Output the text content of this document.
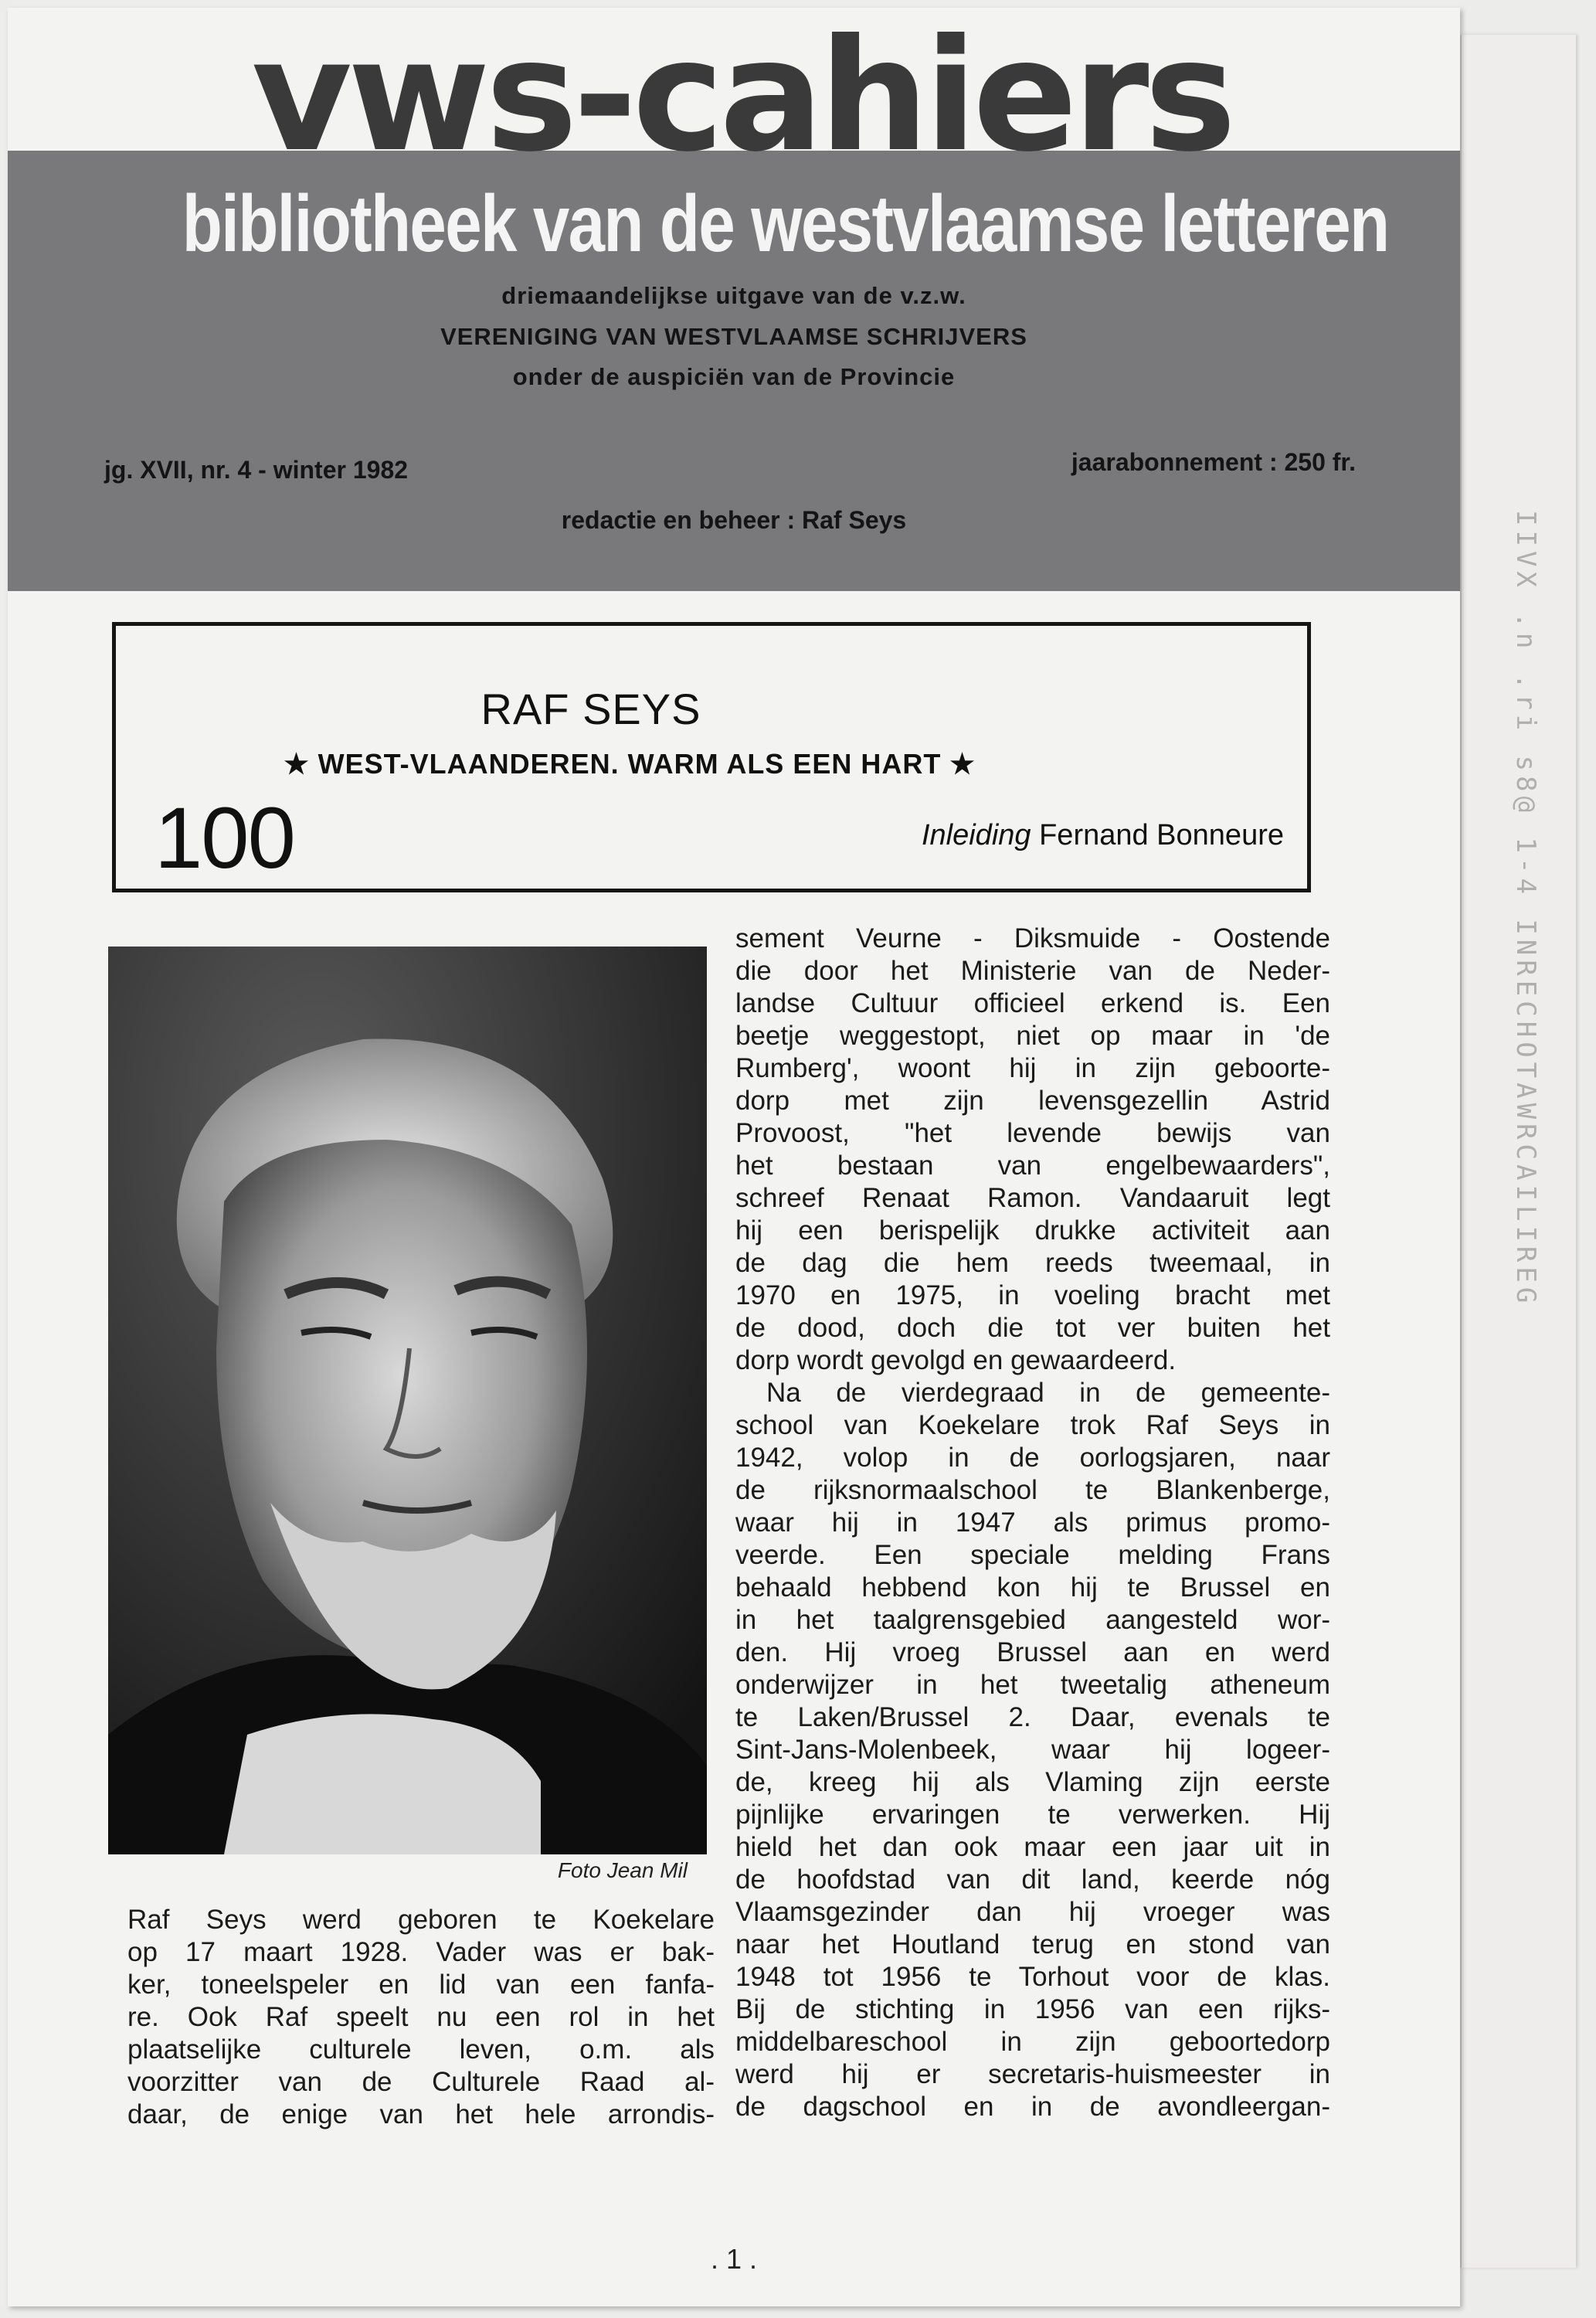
IIVX .n .ri s8@ 1-4 INRECHOTAWRCAILIREG
vws-cahiers
bibliotheek van de westvlaamse letteren
driemaandelijkse uitgave van de v.z.w.
VERENIGING VAN WESTVLAAMSE SCHRIJVERS
onder de auspiciën van de Provincie
jg. XVII, nr. 4 - winter 1982	jaarabonnement : 250 fr.
redactie en beheer : Raf Seys
RAF SEYS
★ WEST-VLAANDEREN. WARM ALS EEN HART ★
100	Inleiding Fernand Bonneure
Foto Jean Mil

sement Veurne - Diksmuide - Oostende
die door het Ministerie van de Neder-
landse Cultuur officieel erkend is. Een
beetje weggestopt, niet op maar in 'de
Rumberg', woont hij in zijn geboorte-
dorp met zijn levensgezellin Astrid
Provoost, "het levende bewijs van
het bestaan van engelbewaarders",
schreef Renaat Ramon. Vandaaruit legt
hij een berispelijk drukke activiteit aan
de dag die hem reeds tweemaal, in
1970 en 1975, in voeling bracht met
de dood, doch die tot ver buiten het
dorp wordt gevolgd en gewaardeerd.

Na de vierdegraad in de gemeente-
school van Koekelare trok Raf Seys in
1942, volop in de oorlogsjaren, naar
de rijksnormaalschool te Blankenberge,
waar hij in 1947 als primus promo-
veerde. Een speciale melding Frans
behaald hebbend kon hij te Brussel en
in het taalgrensgebied aangesteld wor-
den. Hij vroeg Brussel aan en werd
onderwijzer in het tweetalig atheneum
te Laken/Brussel 2. Daar, evenals te
Sint-Jans-Molenbeek, waar hij logeer-
de, kreeg hij als Vlaming zijn eerste
pijnlijke ervaringen te verwerken. Hij
hield het dan ook maar een jaar uit in
de hoofdstad van dit land, keerde nóg
Vlaamsgezinder dan hij vroeger was
naar het Houtland terug en stond van
1948 tot 1956 te Torhout voor de klas.
Bij de stichting in 1956 van een rijks-
middelbareschool in zijn geboortedorp
werd hij er secretaris-huismeester in
de dagschool en in de avondleergan-

Raf Seys werd geboren te Koekelare
op 17 maart 1928. Vader was er bak-
ker, toneelspeler en lid van een fanfa-
re. Ook Raf speelt nu een rol in het
plaatselijke culturele leven, o.m. als
voorzitter van de Culturele Raad al-
daar, de enige van het hele arrondis-

. 1 .
